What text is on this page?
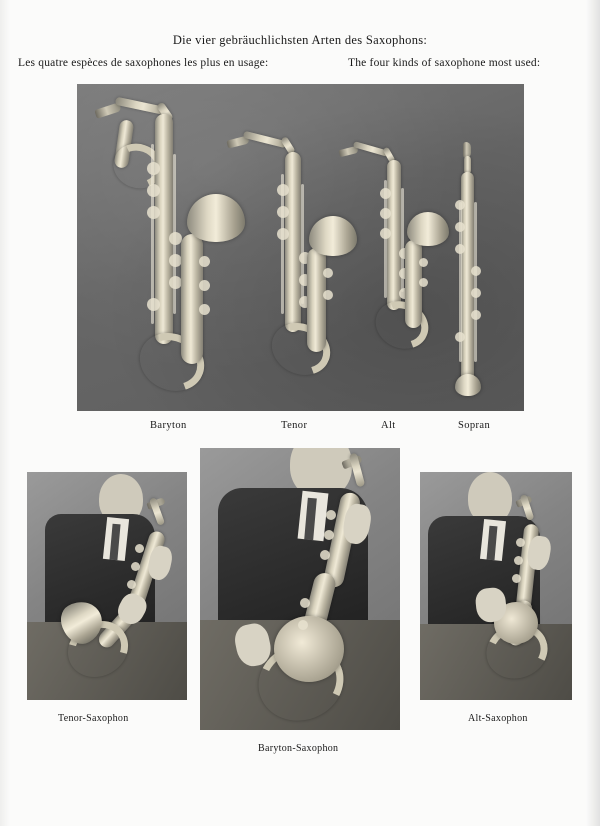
Die vier gebräuchlichsten Arten des Saxophons:
Les quatre espèces de saxophones les plus en usage:	The four kinds of saxophone most used:
Baryton	Tenor	Alt	Sopran
Tenor-Saxophon
Baryton-Saxophon
Alt-Saxophon
